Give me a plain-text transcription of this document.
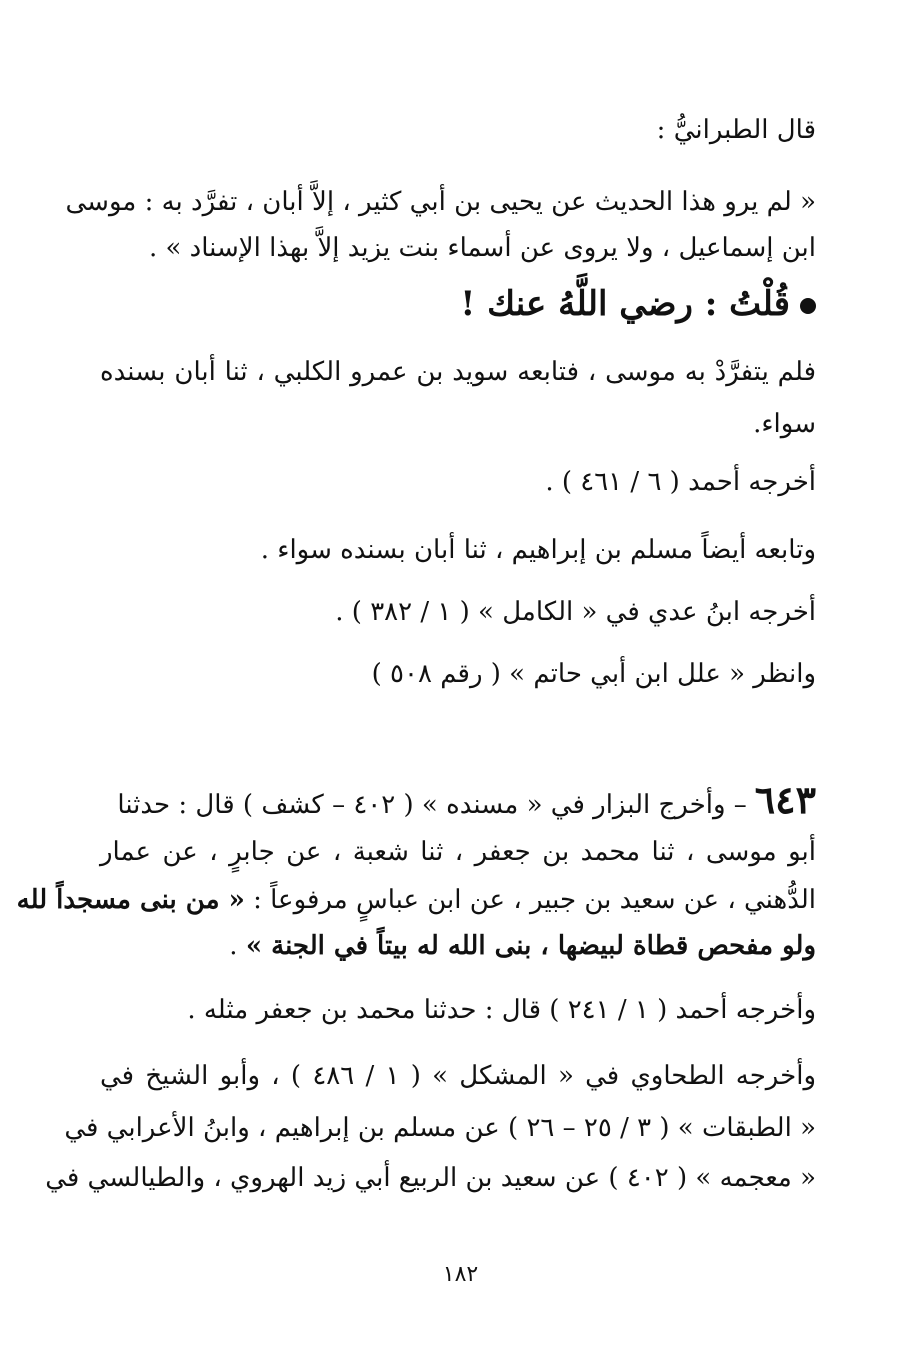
قال الطبرانيُّ :
« لم يرو هذا الحديث عن يحيى بن أبي كثير ، إلاَّ أبان ، تفرَّد به : موسى
ابن إسماعيل ، ولا يروى عن أسماء بنت يزيد إلاَّ بهذا الإسناد » .
قُلْتُ : رضي اللَّهُ عنك !
فلم يتفرَّدْ به موسى ، فتابعه سويد بن عمرو الكلبي ، ثنا أبان بسنده
سواء.
أخرجه أحمد ( ٦ / ٤٦١ ) .
وتابعه أيضاً مسلم بن إبراهيم ، ثنا أبان بسنده سواء .
أخرجه ابنُ عدي في « الكامل » ( ١ / ٣٨٢ ) .
وانظر « علل ابن أبي حاتم » ( رقم ٥٠٨ )
٦٤٣– وأخرج البزار في « مسنده » ( ٤٠٢ – كشف ) قال : حدثنا
أبو موسى ، ثنا محمد بن جعفر ، ثنا شعبة ، عن جابرٍ ، عن عمار
الدُّهني ، عن سعيد بن جبير ، عن ابن عباسٍ مرفوعاً : « من بنى مسجداً لله
ولو مفحص قطاة لبيضها ، بنى الله له بيتاً في الجنة » .
وأخرجه أحمد ( ١ / ٢٤١ ) قال : حدثنا محمد بن جعفر مثله .
وأخرجه الطحاوي في « المشكل » ( ١ / ٤٨٦ ) ، وأبو الشيخ في
« الطبقات » ( ٣ / ٢٥ – ٢٦ ) عن مسلم بن إبراهيم ، وابنُ الأعرابي في
« معجمه » ( ٤٠٢ ) عن سعيد بن الربيع أبي زيد الهروي ، والطيالسي في
١٨٢
